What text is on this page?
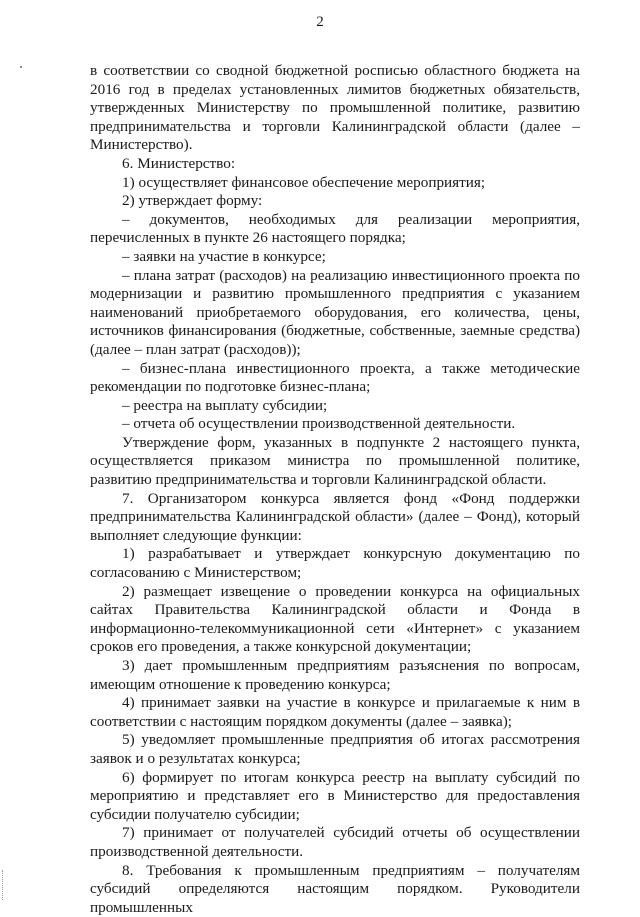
2

в соответствии со сводной бюджетной росписью областного бюджета на 2016 год в пределах установленных лимитов бюджетных обязательств, утвержденных Министерству по промышленной политике, развитию предпринимательства и торговли Калининградской области (далее – Министерство).

6. Министерство:

1) осуществляет финансовое обеспечение мероприятия;

2) утверждает форму:

– документов, необходимых для реализации мероприятия, перечисленных в пункте 26 настоящего порядка;

– заявки на участие в конкурсе;

– плана затрат (расходов) на реализацию инвестиционного проекта по модернизации и развитию промышленного предприятия с указанием наименований приобретаемого оборудования, его количества, цены, источников финансирования (бюджетные, собственные, заемные средства) (далее – план затрат (расходов));

– бизнес-плана инвестиционного проекта, а также методические рекомендации по подготовке бизнес-плана;

– реестра на выплату субсидии;

– отчета об осуществлении производственной деятельности.

Утверждение форм, указанных в подпункте 2 настоящего пункта, осуществляется приказом министра по промышленной политике, развитию предпринимательства и торговли Калининградской области.

7. Организатором конкурса является фонд «Фонд поддержки предпринимательства Калининградской области» (далее – Фонд), который выполняет следующие функции:

1) разрабатывает и утверждает конкурсную документацию по согласованию с Министерством;

2) размещает извещение о проведении конкурса на официальных сайтах Правительства Калининградской области и Фонда в информационно-телекоммуникационной сети «Интернет» с указанием сроков его проведения, а также конкурсной документации;

3) дает промышленным предприятиям разъяснения по вопросам, имеющим отношение к проведению конкурса;

4) принимает заявки на участие в конкурсе и прилагаемые к ним в соответствии с настоящим порядком документы (далее – заявка);

5) уведомляет промышленные предприятия об итогах рассмотрения заявок и о результатах конкурса;

6) формирует по итогам конкурса реестр на выплату субсидий по мероприятию и представляет его в Министерство для предоставления субсидии получателю субсидии;

7) принимает от получателей субсидий отчеты об осуществлении производственной деятельности.

8. Требования к промышленным предприятиям – получателям субсидий определяются настоящим порядком. Руководители промышленных
